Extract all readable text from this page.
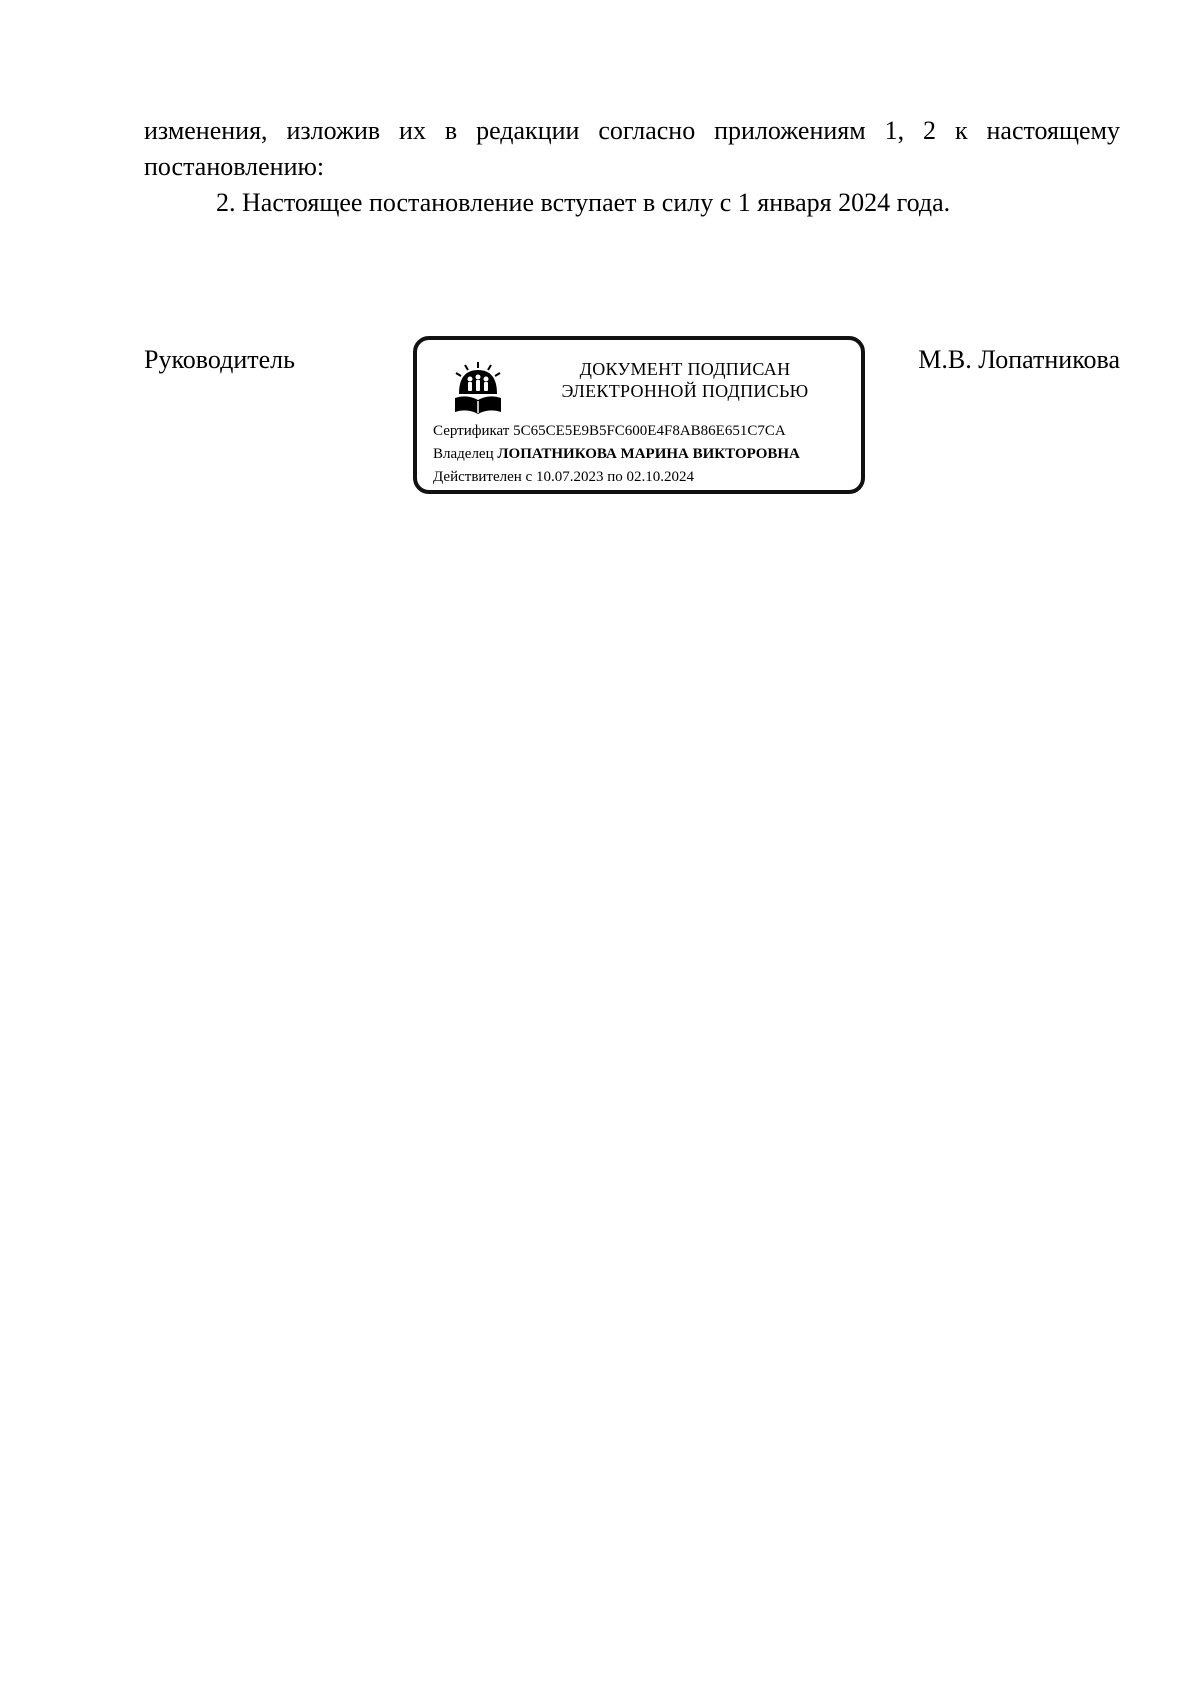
изменения, изложив их в редакции согласно приложениям 1, 2 к настоящему постановлению:

2. Настоящее постановление вступает в силу с 1 января 2024 года.

Руководитель	ДОКУМЕНТ ПОДПИСАН
ЭЛЕКТРОННОЙ ПОДПИСЬЮ
Сертификат 5C65CE5E9B5FC600E4F8AB86E651C7CA
Владелец ЛОПАТНИКОВА МАРИНА ВИКТОРОВНА
Действителен с 10.07.2023 по 02.10.2024
М.В. Лопатникова
